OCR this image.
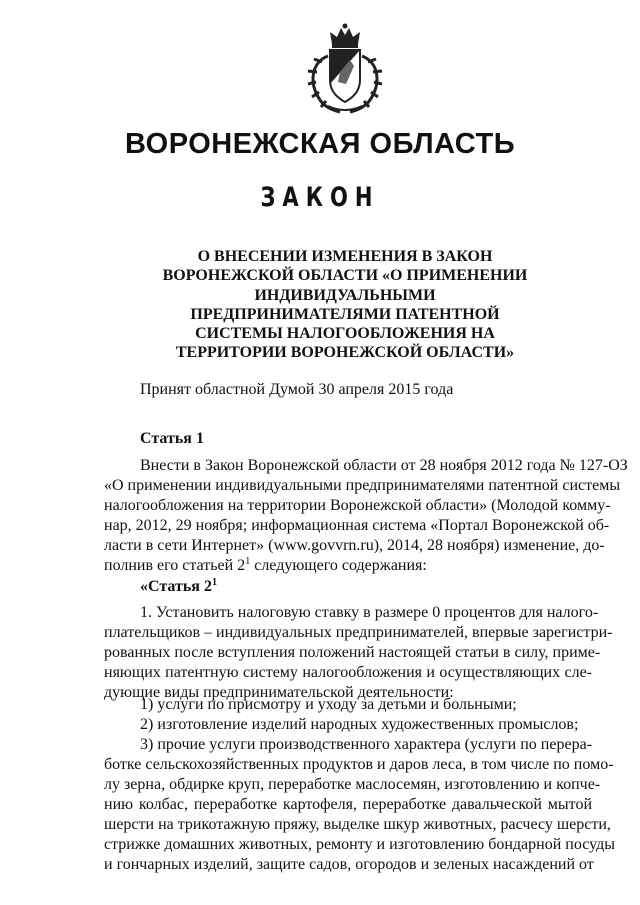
ВОРОНЕЖСКАЯ ОБЛАСТЬ
ЗАКОН
О ВНЕСЕНИИ ИЗМЕНЕНИЯ В ЗАКОН
ВОРОНЕЖСКОЙ ОБЛАСТИ «О ПРИМЕНЕНИИ
ИНДИВИДУАЛЬНЫМИ
ПРЕДПРИНИМАТЕЛЯМИ ПАТЕНТНОЙ
СИСТЕМЫ НАЛОГООБЛОЖЕНИЯ НА
ТЕРРИТОРИИ ВОРОНЕЖСКОЙ ОБЛАСТИ»
Принят областной Думой 30 апреля 2015 года
Статья 1
Внести в Закон Воронежской области от 28 ноября 2012 года № 127-ОЗ
«О применении индивидуальными предпринимателями патентной системы
налогообложения на территории Воронежской области» (Молодой комму-
нар, 2012, 29 ноября; информационная система «Портал Воронежской об-
ласти в сети Интернет» (www.govvrn.ru), 2014, 28 ноября) изменение, до-
полнив его статьей $2^1$ следующего содержания:
«Статья $2^1$
1. Установить налоговую ставку в размере 0 процентов для налого-
плательщиков – индивидуальных предпринимателей, впервые зарегистри-
рованных после вступления положений настоящей статьи в силу, приме-
няющих патентную систему налогообложения и осуществляющих сле-
дующие виды предпринимательской деятельности:
1) услуги по присмотру и уходу за детьми и больными;
2) изготовление изделий народных художественных промыслов;
3) прочие услуги производственного характера (услуги по перера-
ботке сельскохозяйственных продуктов и даров леса, в том числе по помо-
лу зерна, обдирке круп, переработке маслосемян, изготовлению и копче-
нию колбас, переработке картофеля, переработке давальческой мытой
шерсти на трикотажную пряжу, выделке шкур животных, расчесу шерсти,
стрижке домашних животных, ремонту и изготовлению бондарной посуды
и гончарных изделий, защите садов, огородов и зеленых насаждений от
